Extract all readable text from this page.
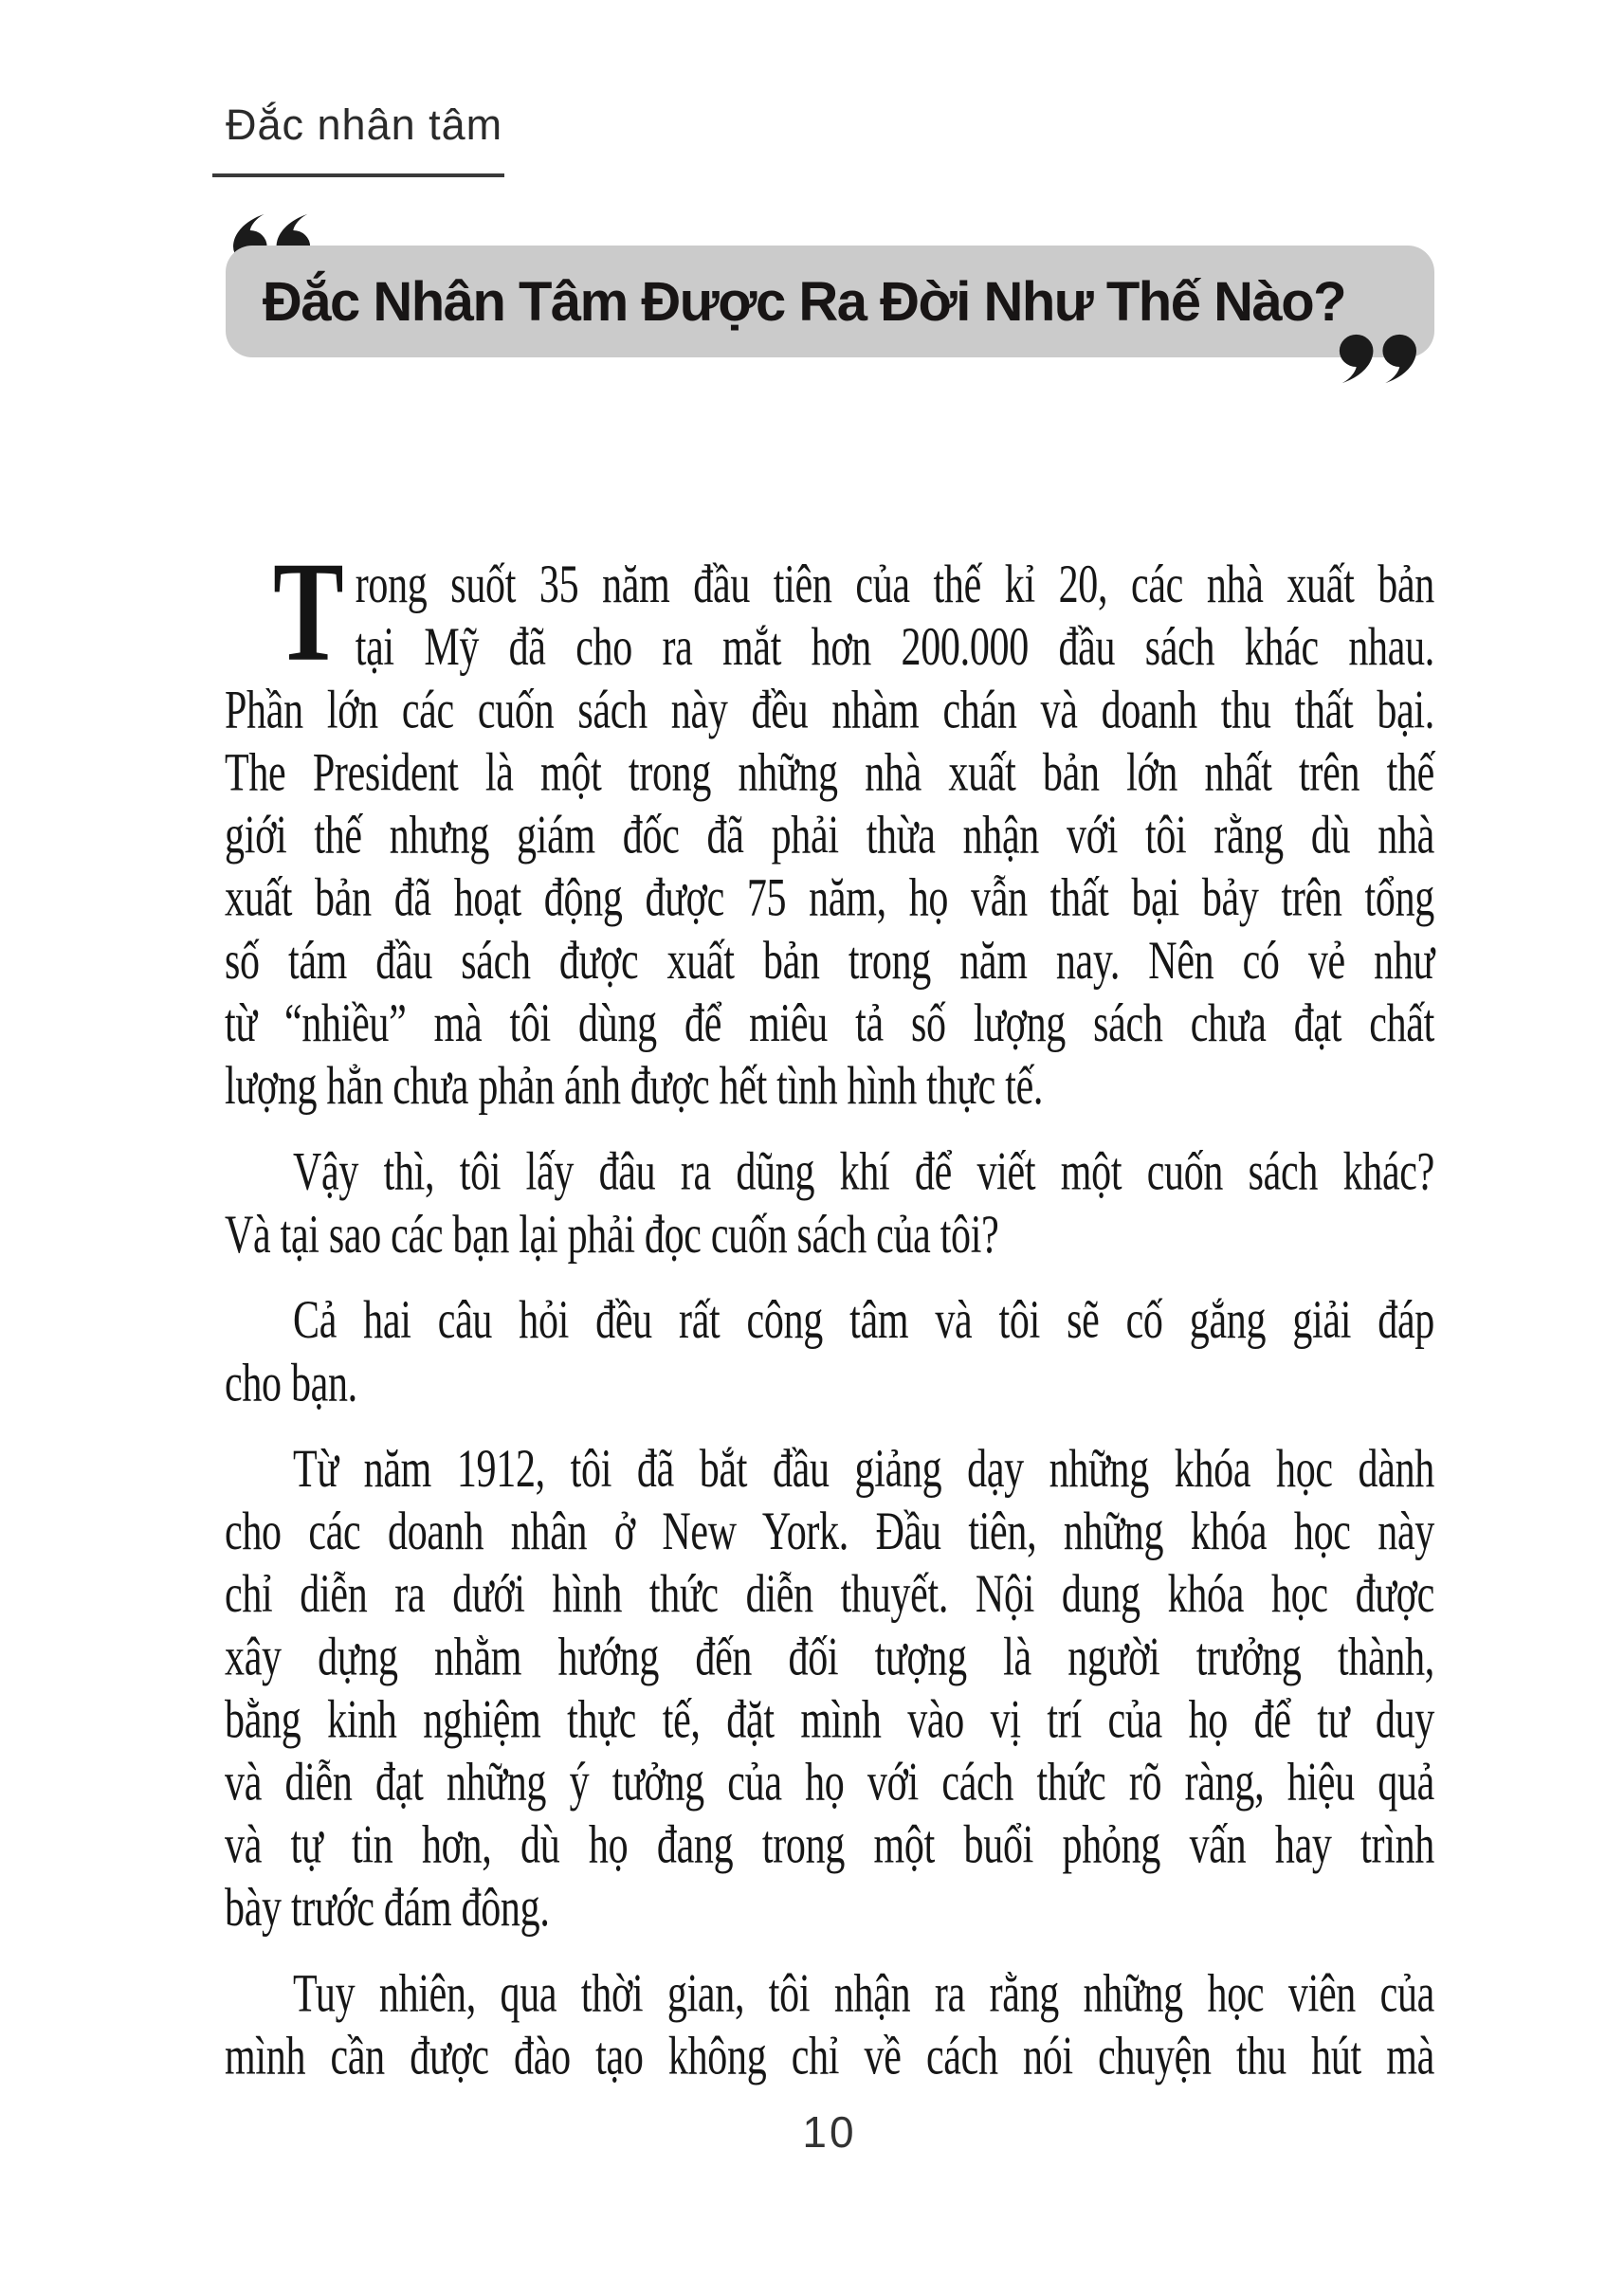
Đắc nhân tâm
Đắc Nhân Tâm Được Ra Đời Như Thế Nào?
T rong suốt 35 năm đầu tiên của thế kỉ 20, các nhà xuất bản
tại Mỹ đã cho ra mắt hơn 200.000 đầu sách khác nhau.
Phần lớn các cuốn sách này đều nhàm chán và doanh thu thất bại.
The President là một trong những nhà xuất bản lớn nhất trên thế
giới thế nhưng giám đốc đã phải thừa nhận với tôi rằng dù nhà
xuất bản đã hoạt động được 75 năm, họ vẫn thất bại bảy trên tổng
số tám đầu sách được xuất bản trong năm nay. Nên có vẻ như
từ “nhiều” mà tôi dùng để miêu tả số lượng sách chưa đạt chất
lượng hẳn chưa phản ánh được hết tình hình thực tế.
Vậy thì, tôi lấy đâu ra dũng khí để viết một cuốn sách khác?
Và tại sao các bạn lại phải đọc cuốn sách của tôi?
Cả hai câu hỏi đều rất công tâm và tôi sẽ cố gắng giải đáp
cho bạn.
Từ năm 1912, tôi đã bắt đầu giảng dạy những khóa học dành
cho các doanh nhân ở New York. Đầu tiên, những khóa học này
chỉ diễn ra dưới hình thức diễn thuyết. Nội dung khóa học được
xây dựng nhằm hướng đến đối tượng là người trưởng thành,
bằng kinh nghiệm thực tế, đặt mình vào vị trí của họ để tư duy
và diễn đạt những ý tưởng của họ với cách thức rõ ràng, hiệu quả
và tự tin hơn, dù họ đang trong một buổi phỏng vấn hay trình
bày trước đám đông.
Tuy nhiên, qua thời gian, tôi nhận ra rằng những học viên của
mình cần được đào tạo không chỉ về cách nói chuyện thu hút mà
10
